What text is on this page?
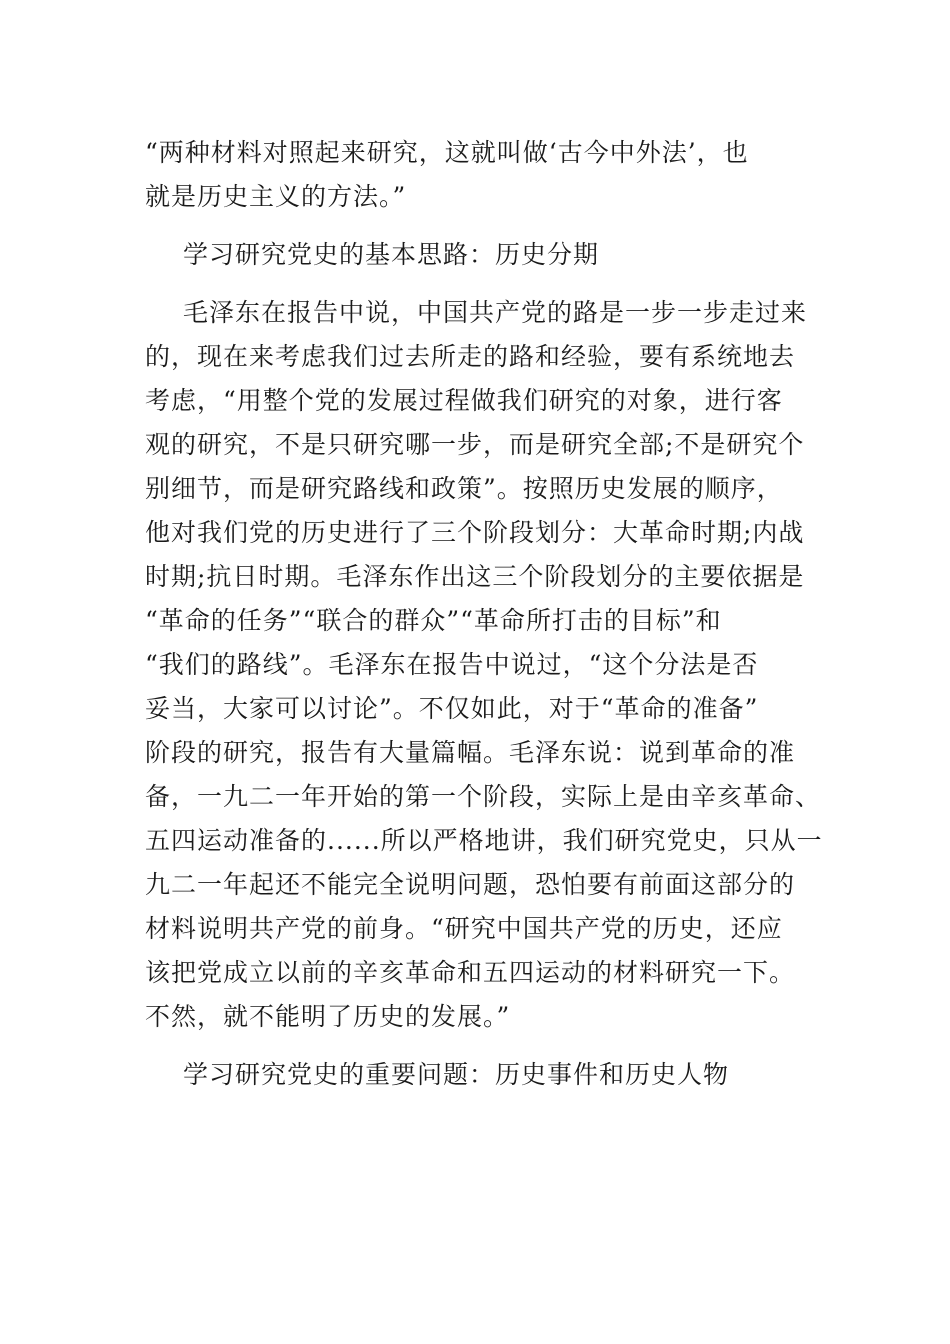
“两种材料对照起来研究，这就叫做‘古今中外法’，也
就是历史主义的方法。”
学习研究党史的基本思路：历史分期
毛泽东在报告中说，中国共产党的路是一步一步走过来
的，现在来考虑我们过去所走的路和经验，要有系统地去
考虑，“用整个党的发展过程做我们研究的对象，进行客
观的研究，不是只研究哪一步，而是研究全部;不是研究个
别细节，而是研究路线和政策”。按照历史发展的顺序，
他对我们党的历史进行了三个阶段划分：大革命时期;内战
时期;抗日时期。毛泽东作出这三个阶段划分的主要依据是
“革命的任务”“联合的群众”“革命所打击的目标”和
“我们的路线”。毛泽东在报告中说过，“这个分法是否
妥当，大家可以讨论”。不仅如此，对于“革命的准备”
阶段的研究，报告有大量篇幅。毛泽东说：说到革命的准
备，一九二一年开始的第一个阶段，实际上是由辛亥革命、
五四运动准备的......所以严格地讲，我们研究党史，只从一
九二一年起还不能完全说明问题，恐怕要有前面这部分的
材料说明共产党的前身。“研究中国共产党的历史，还应
该把党成立以前的辛亥革命和五四运动的材料研究一下。
不然，就不能明了历史的发展。”
学习研究党史的重要问题：历史事件和历史人物
